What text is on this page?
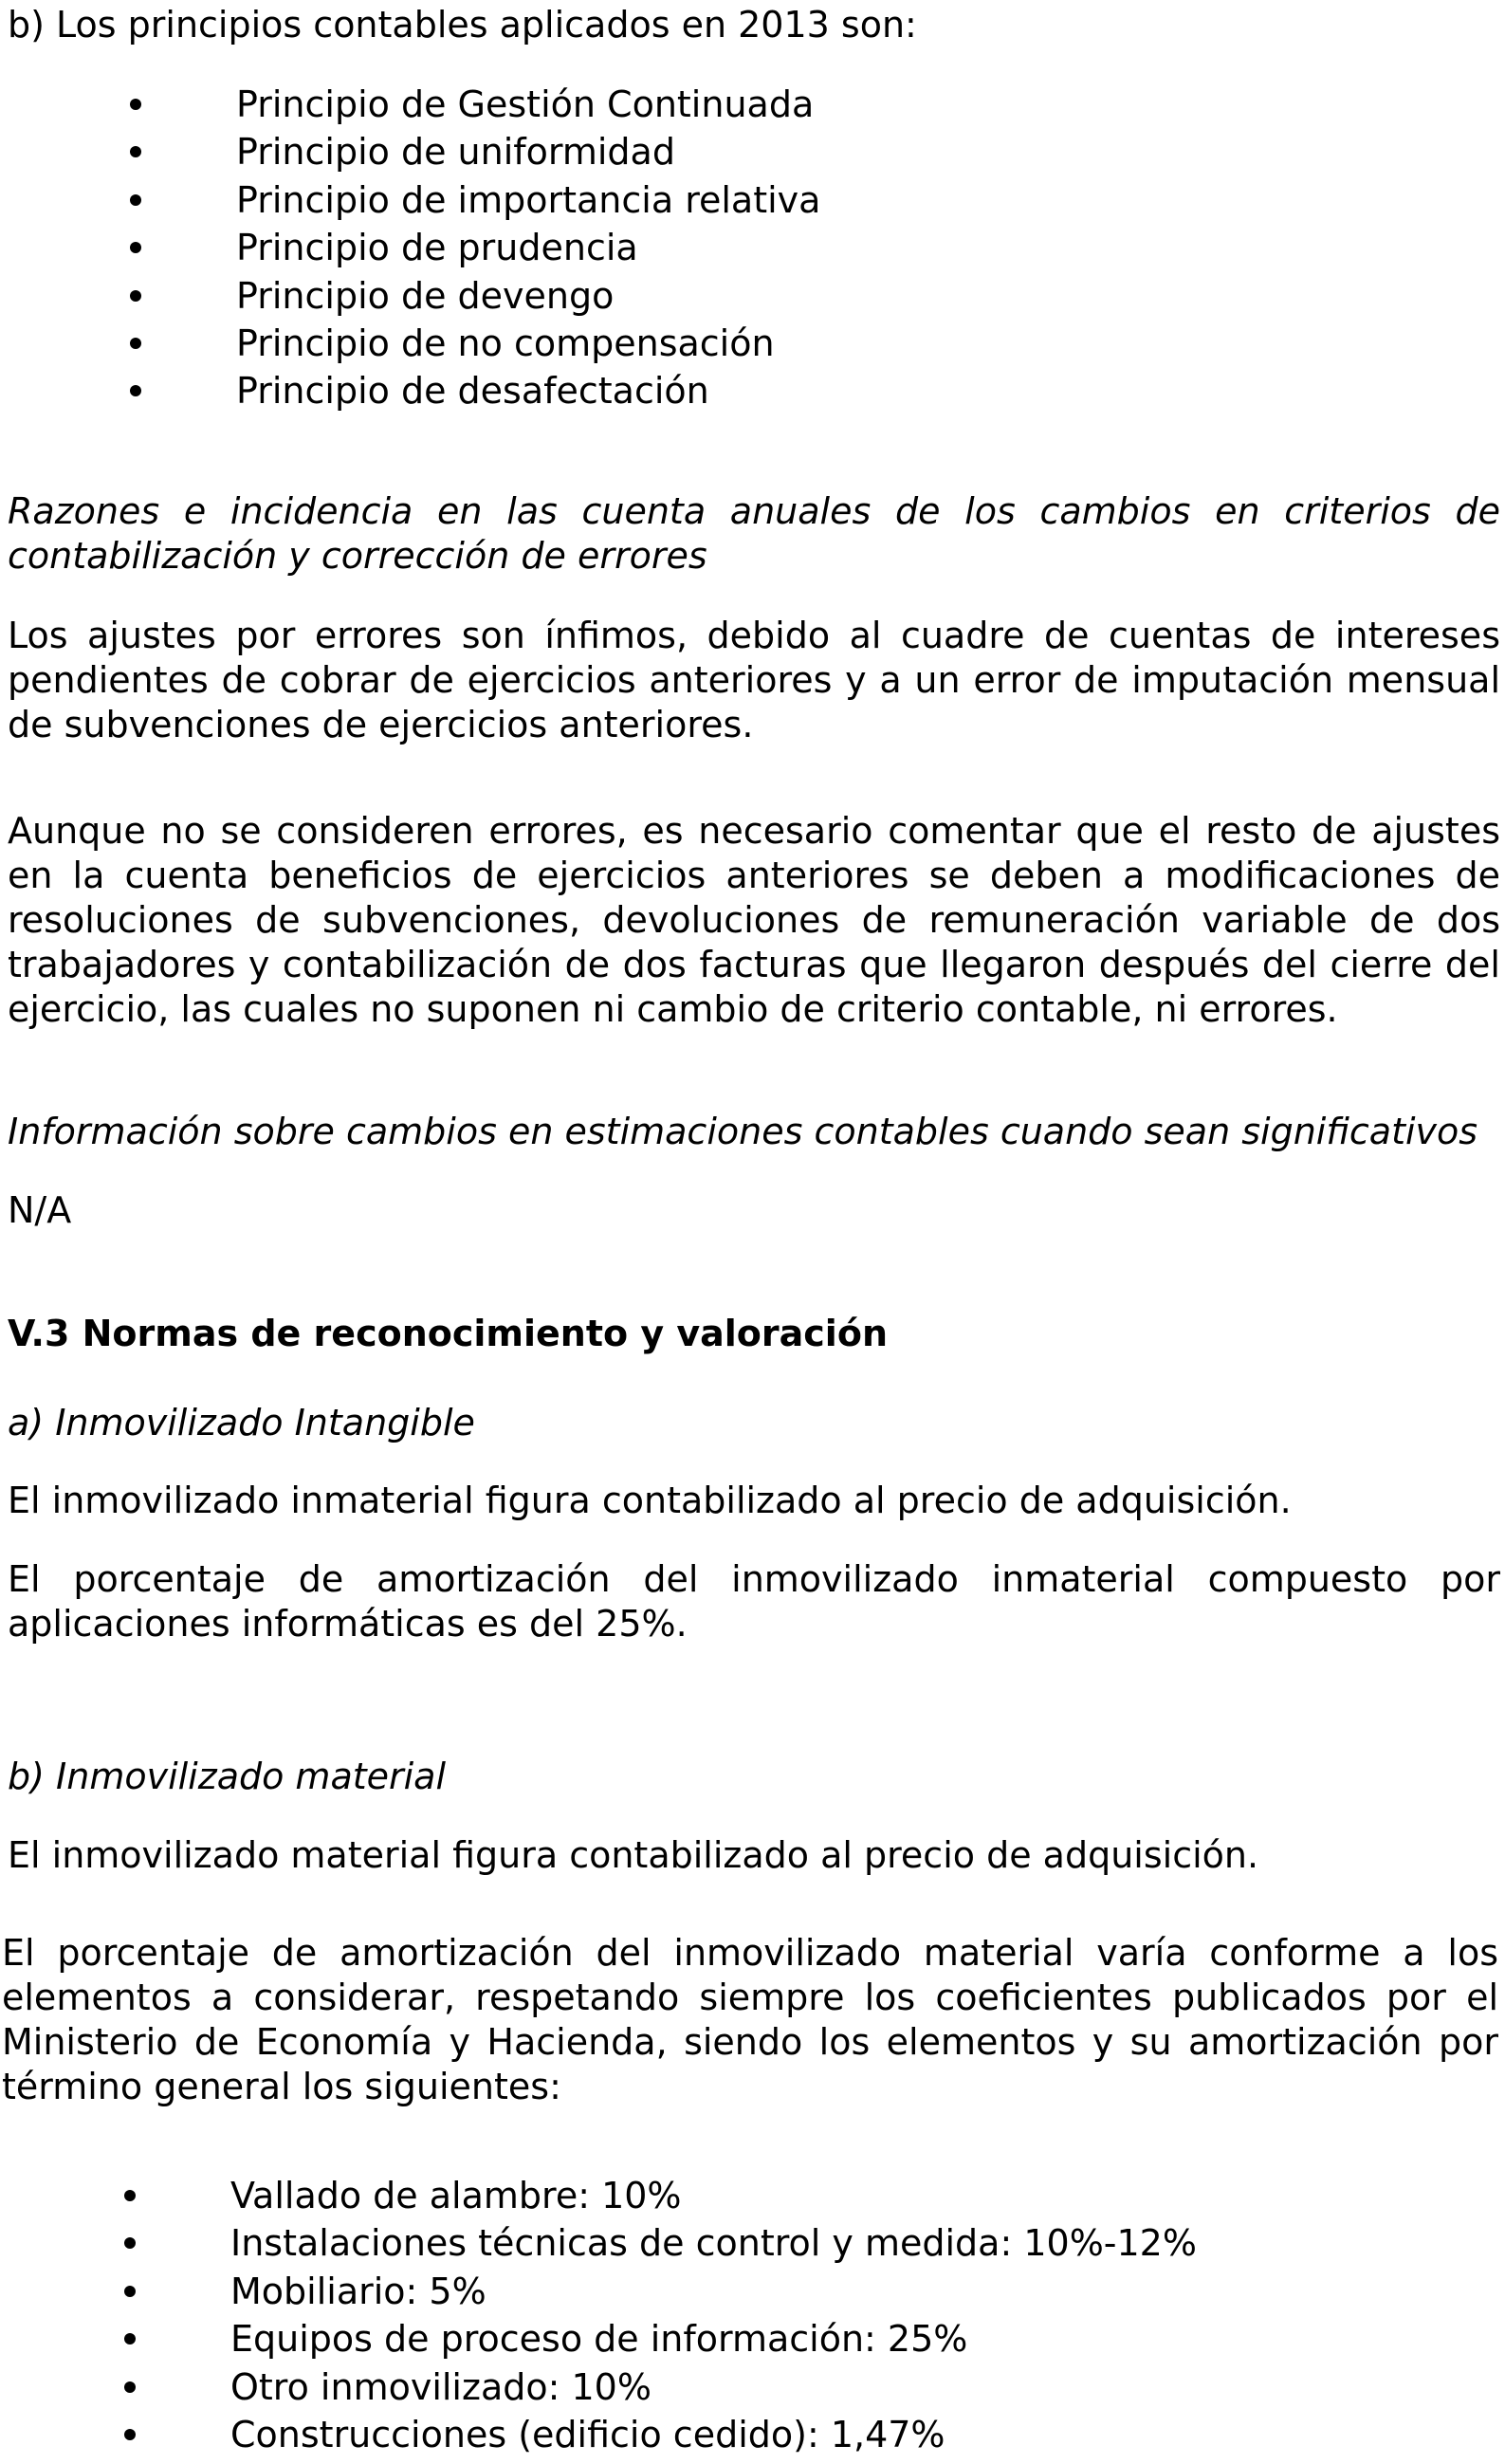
b) Los principios contables aplicados en 2013 son:

Principio de Gestión Continuada
Principio de uniformidad
Principio de importancia relativa
Principio de prudencia
Principio de devengo
Principio de no compensación
Principio de desafectación

Razones e incidencia en las cuenta anuales de los cambios en criterios de contabilización y corrección de errores

Los ajustes por errores son ínfimos, debido al cuadre de cuentas de intereses pendientes de cobrar de ejercicios anteriores y a un error de imputación mensual de subvenciones de ejercicios anteriores.

Aunque no se consideren errores, es necesario comentar que el resto de ajustes en la cuenta beneficios de ejercicios anteriores se deben a modificaciones de resoluciones de subvenciones, devoluciones de remuneración variable de dos trabajadores y contabilización de dos facturas que llegaron después del cierre del ejercicio, las cuales no suponen ni cambio de criterio contable, ni errores.

Información sobre cambios en estimaciones contables cuando sean significativos

N/A

V.3 Normas de reconocimiento y valoración

a) Inmovilizado Intangible

El inmovilizado inmaterial figura contabilizado al precio de adquisición.

El porcentaje de amortización del inmovilizado inmaterial compuesto por aplicaciones informáticas es del 25%.

b) Inmovilizado material

El inmovilizado material figura contabilizado al precio de adquisición.

El porcentaje de amortización del inmovilizado material varía conforme a los elementos a considerar, respetando siempre los coeficientes publicados por el Ministerio de Economía y Hacienda, siendo los elementos y su amortización por término general los siguientes:

Vallado de alambre: 10%
Instalaciones técnicas de control y medida: 10%-12%
Mobiliario: 5%
Equipos de proceso de información: 25%
Otro inmovilizado: 10%
Construcciones (edificio cedido): 1,47%
